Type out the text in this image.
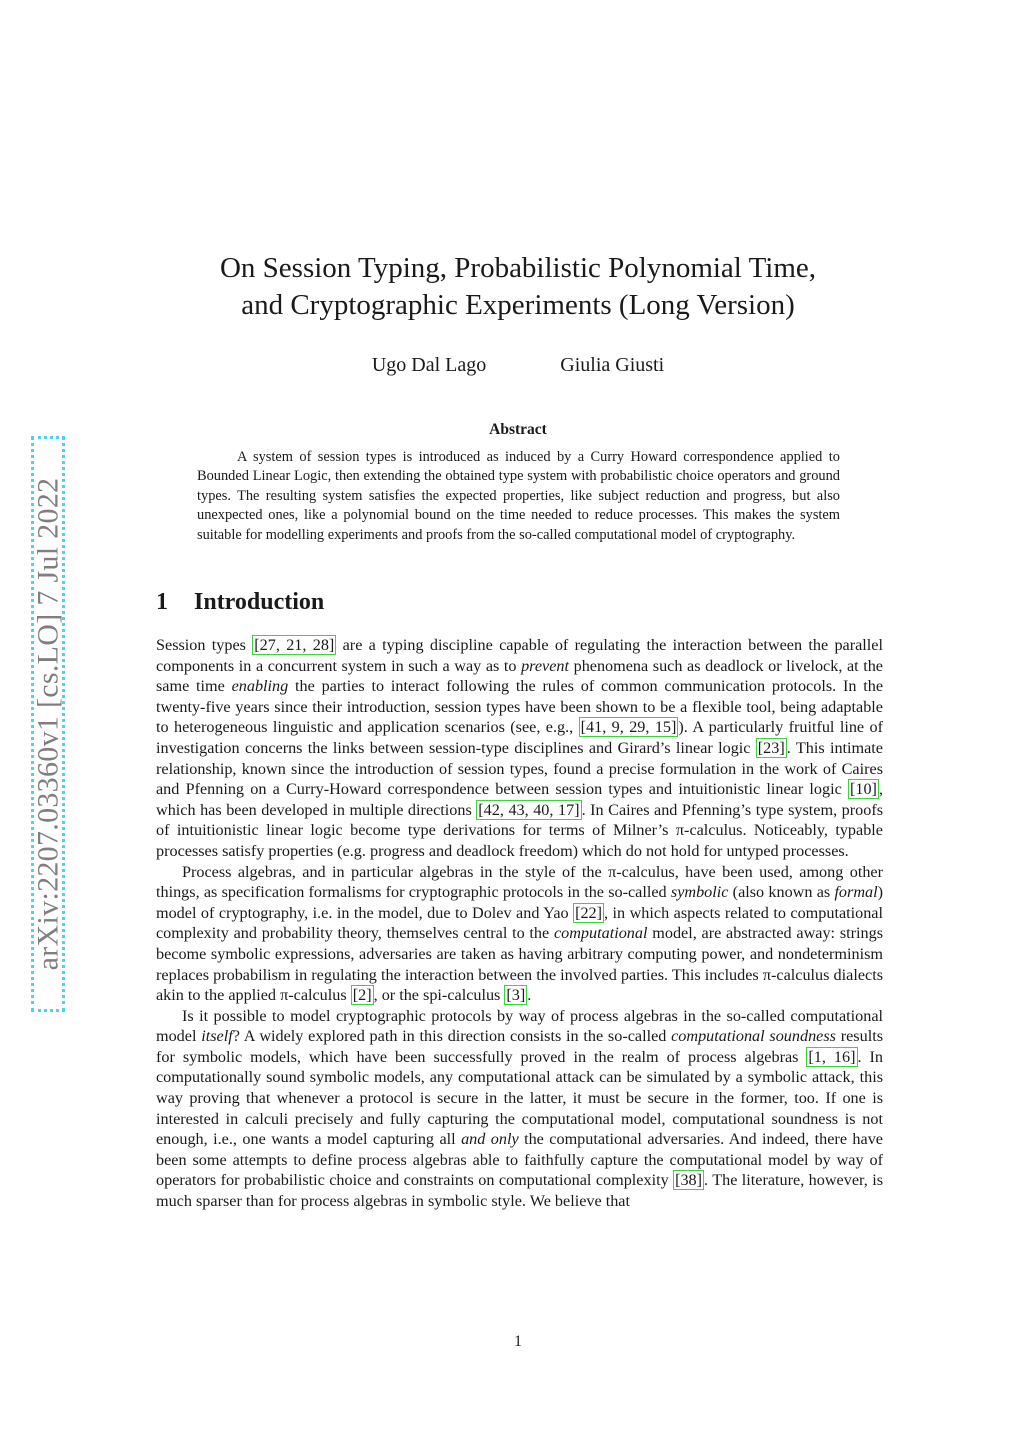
arXiv:2207.03360v1 [cs.LO] 7 Jul 2022
On Session Typing, Probabilistic Polynomial Time,
and Cryptographic Experiments (Long Version)
Ugo Dal Lago	Giulia Giusti
Abstract

A system of session types is introduced as induced by a Curry Howard correspondence applied to Bounded Linear Logic, then extending the obtained type system with probabilistic choice operators and ground types. The resulting system satisfies the expected properties, like subject reduction and progress, but also unexpected ones, like a polynomial bound on the time needed to reduce processes. This makes the system suitable for modelling experiments and proofs from the so-called computational model of cryptography.

1 Introduction

Session types [27, 21, 28] are a typing discipline capable of regulating the interaction between the parallel components in a concurrent system in such a way as to prevent phenomena such as deadlock or livelock, at the same time enabling the parties to interact following the rules of common communication protocols. In the twenty-five years since their introduction, session types have been shown to be a flexible tool, being adaptable to heterogeneous linguistic and application scenarios (see, e.g., [41, 9, 29, 15] ). A particularly fruitful line of investigation concerns the links between session-type disciplines and Girard’s linear logic [23] . This intimate relationship, known since the introduction of session types, found a precise formulation in the work of Caires and Pfenning on a Curry-Howard correspondence between session types and intuitionistic linear logic [10] , which has been developed in multiple directions [42, 43, 40, 17] . In Caires and Pfenning’s type system, proofs of intuitionistic linear logic become type derivations for terms of Milner’s π-calculus. Noticeably, typable processes satisfy properties (e.g. progress and deadlock freedom) which do not hold for untyped processes.

Process algebras, and in particular algebras in the style of the π-calculus, have been used, among other things, as specification formalisms for cryptographic protocols in the so-called symbolic (also known as formal) model of cryptography, i.e. in the model, due to Dolev and Yao [22] , in which aspects related to computational complexity and probability theory, themselves central to the computational model, are abstracted away: strings become symbolic expressions, adversaries are taken as having arbitrary computing power, and nondeterminism replaces probabilism in regulating the interaction between the involved parties. This includes π-calculus dialects akin to the applied π-calculus [2] , or the spi-calculus [3] .

Is it possible to model cryptographic protocols by way of process algebras in the so-called computational model itself? A widely explored path in this direction consists in the so-called computational soundness results for symbolic models, which have been successfully proved in the realm of process algebras [1, 16] . In computationally sound symbolic models, any computational attack can be simulated by a symbolic attack, this way proving that whenever a protocol is secure in the latter, it must be secure in the former, too. If one is interested in calculi precisely and fully capturing the computational model, computational soundness is not enough, i.e., one wants a model capturing all and only the computational adversaries. And indeed, there have been some attempts to define process algebras able to faithfully capture the computational model by way of operators for probabilistic choice and constraints on computational complexity [38] . The literature, however, is much sparser than for process algebras in symbolic style. We believe that

1
